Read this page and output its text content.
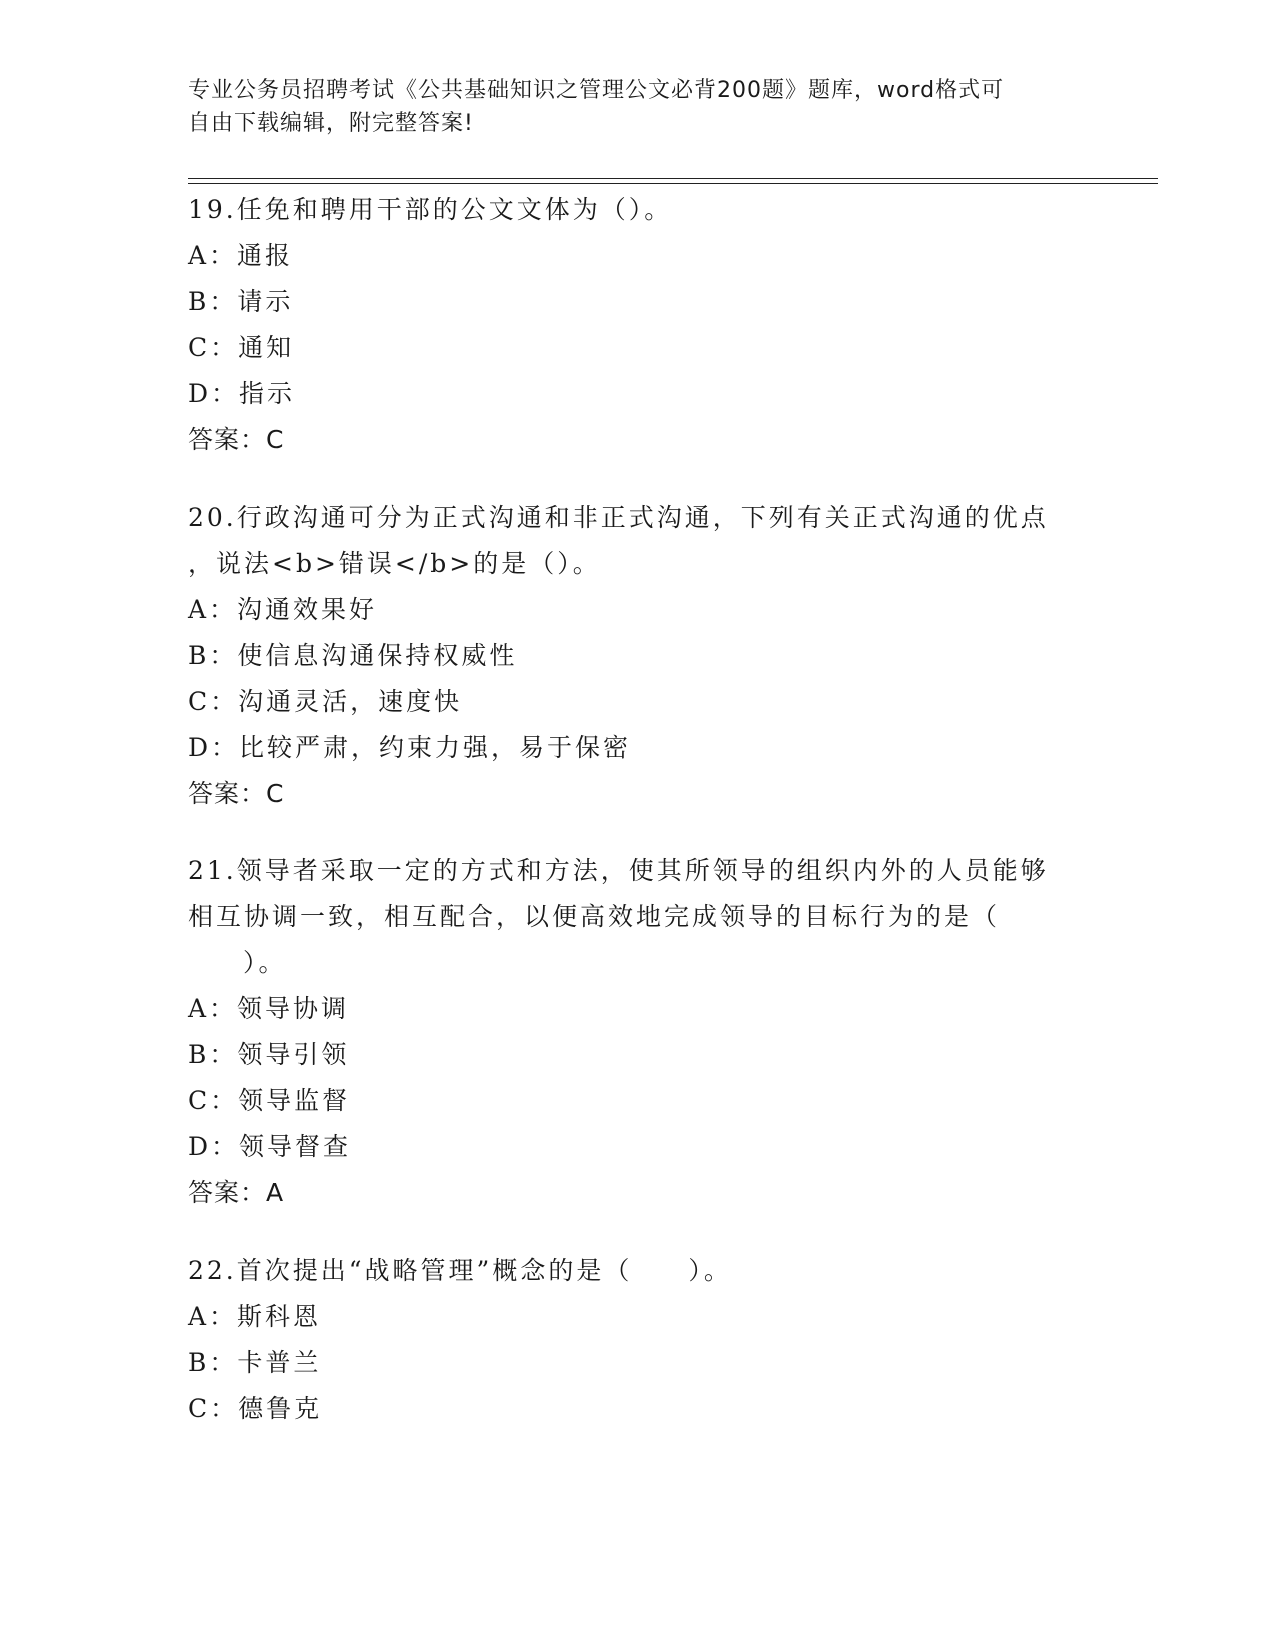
专业公务员招聘考试《公共基础知识之管理公文必背200题》题库，word格式可
自由下载编辑，附完整答案!
19.任免和聘用干部的公文文体为（）。
A：通报
B：请示
C：通知
D：指示
答案：C
20.行政沟通可分为正式沟通和非正式沟通，下列有关正式沟通的优点
，说法<b>错误</b>的是（）。
A：沟通效果好
B：使信息沟通保持权威性
C：沟通灵活，速度快
D：比较严肃，约束力强，易于保密
答案：C
21.领导者采取一定的方式和方法，使其所领导的组织内外的人员能够
相互协调一致，相互配合，以便高效地完成领导的目标行为的是（
）。
A：领导协调
B：领导引领
C：领导监督
D：领导督查
答案：A
22.首次提出“战略管理”概念的是（　　）。
A：斯科恩
B：卡普兰
C：德鲁克
